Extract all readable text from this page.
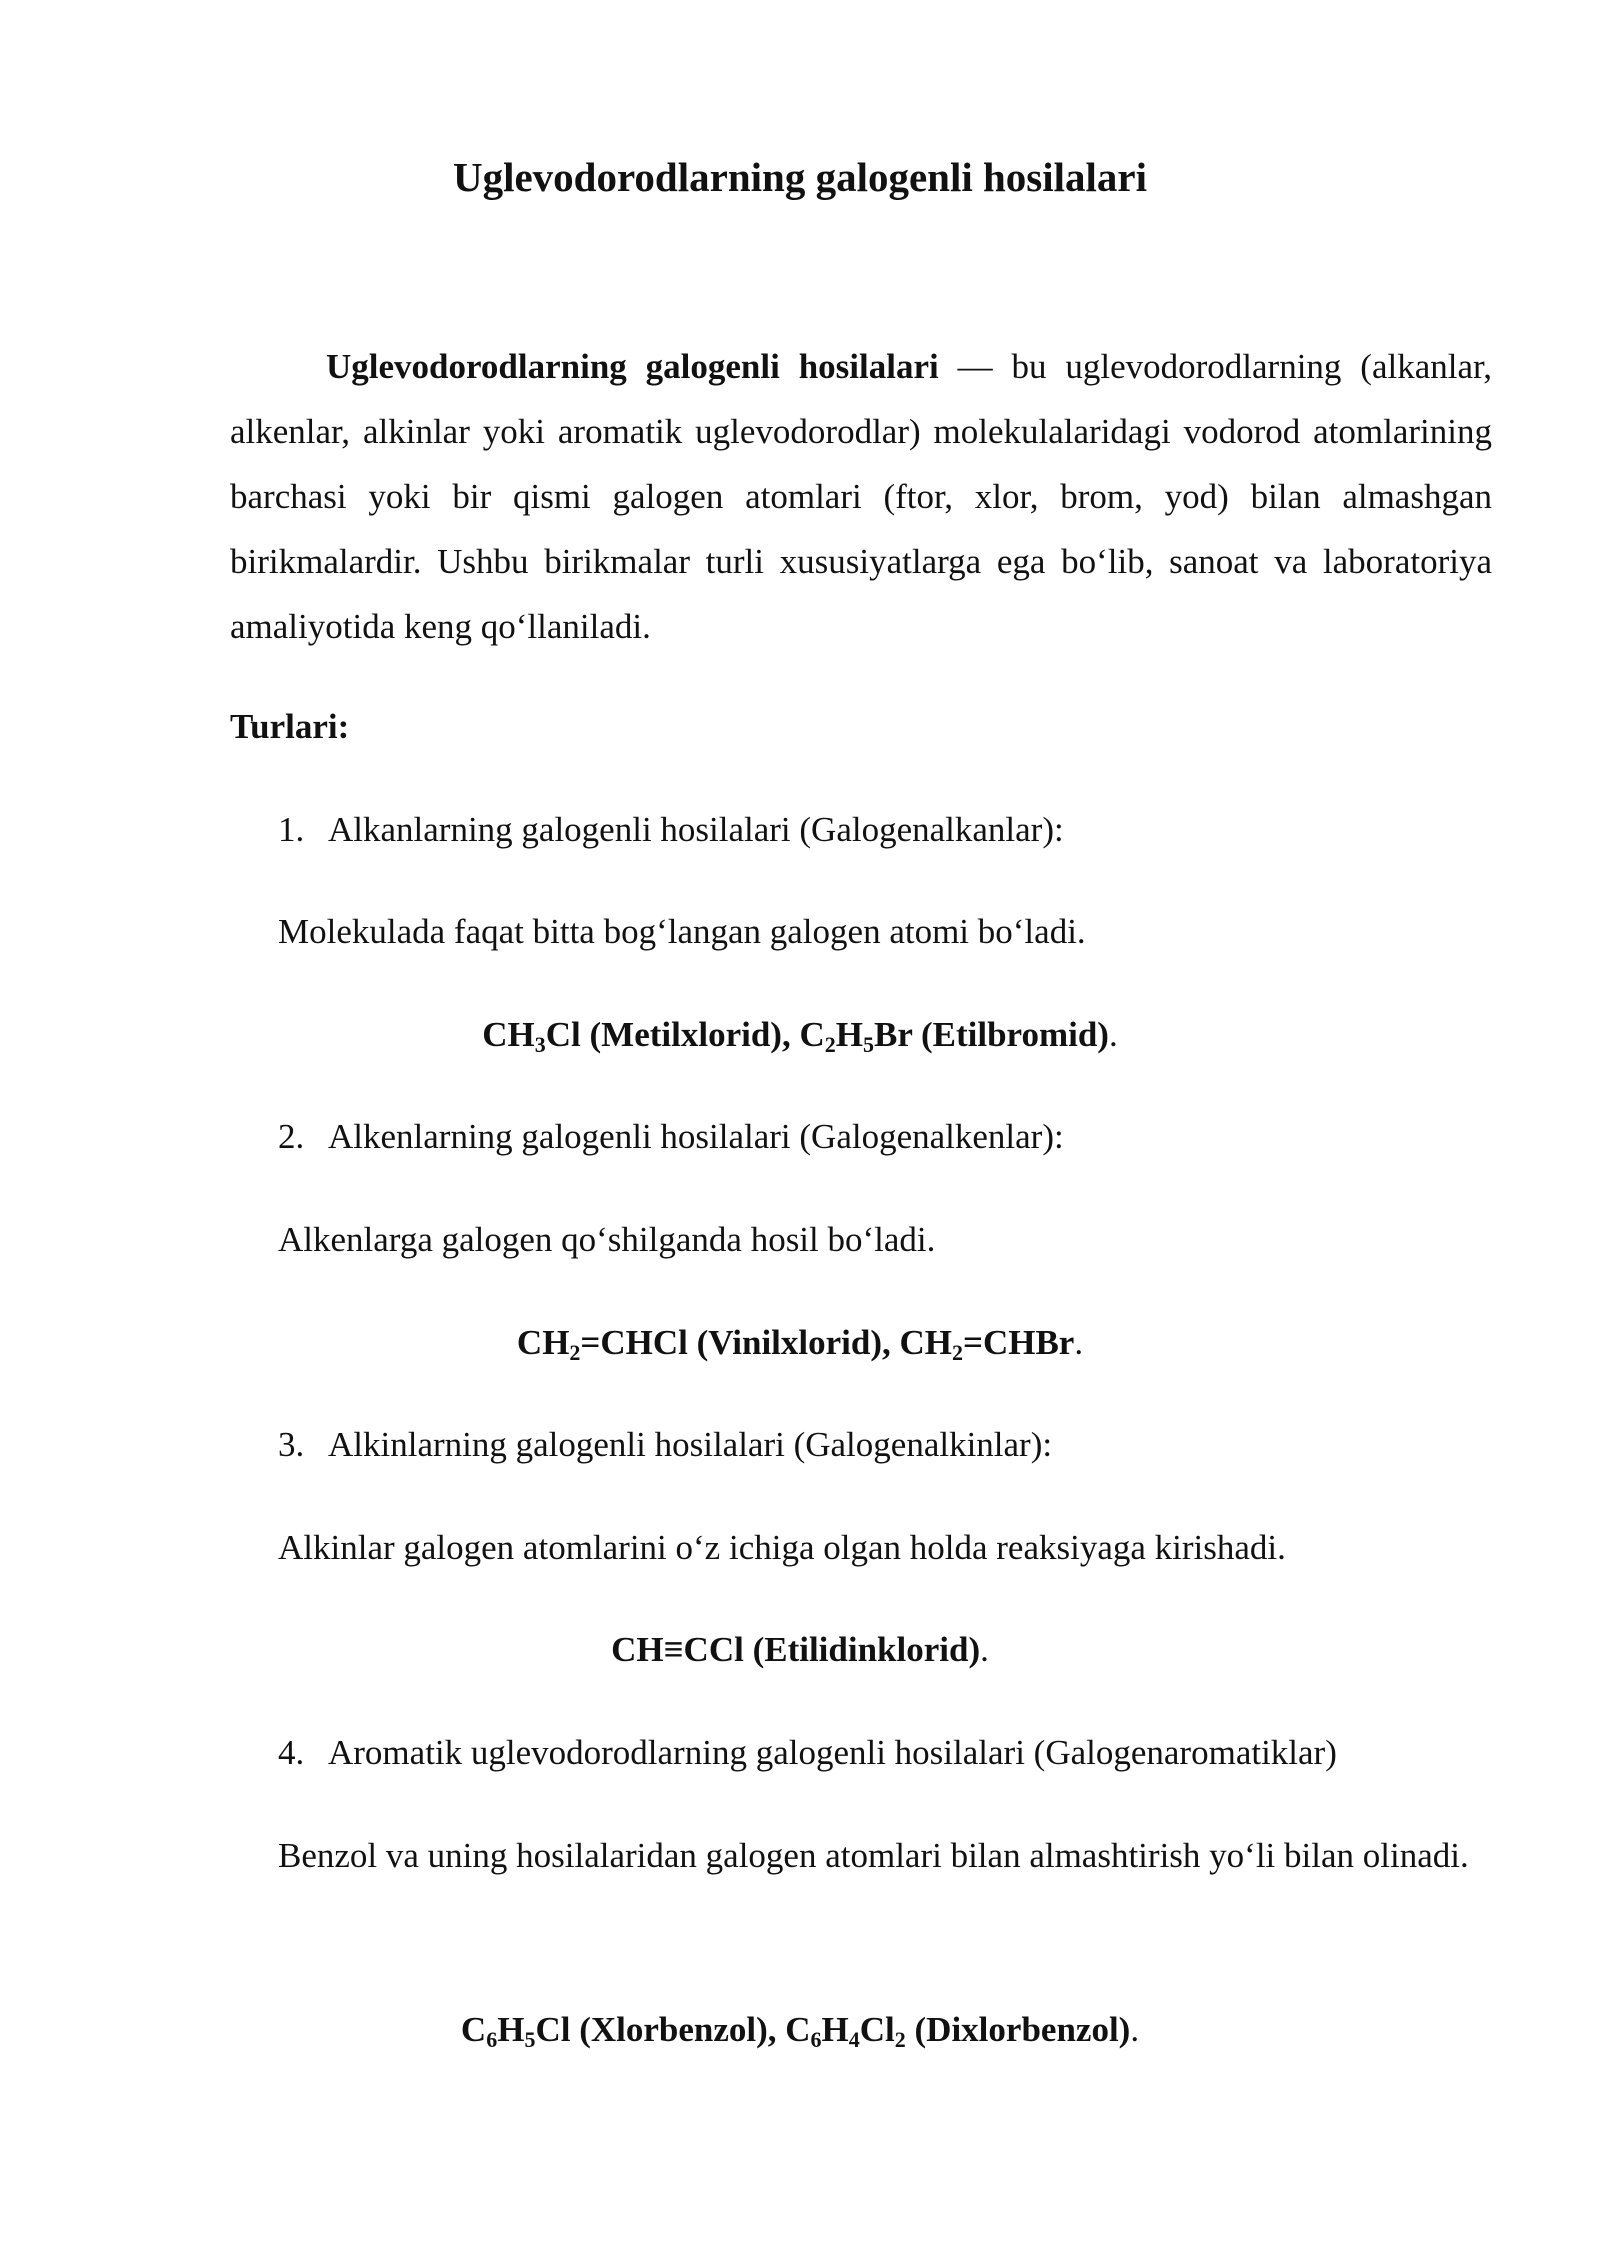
Uglevodorodlarning galogenli hosilalari
Uglevodorodlarning galogenli hosilalari — bu uglevodorodlarning (alkanlar, alkenlar, alkinlar yoki aromatik uglevodorodlar) molekulalaridagi vodorod atomlarining barchasi yoki bir qismi galogen atomlari (ftor, xlor, brom, yod) bilan almashgan birikmalardir. Ushbu birikmalar turli xususiyatlarga ega bo‘lib, sanoat va laboratoriya amaliyotida keng qo‘llaniladi.
Turlari:
1. Alkanlarning galogenli hosilalari (Galogenalkanlar):
Molekulada faqat bitta bog‘langan galogen atomi bo‘ladi.
$CH_3Cl$ (Metilxlorid), $C_2H_5Br$ (Etilbromid).
2. Alkenlarning galogenli hosilalari (Galogenalkenlar):
Alkenlarga galogen qo‘shilganda hosil bo‘ladi.
$CH_2=CHCl$ (Vinilxlorid), $CH_2=CHBr$.
3. Alkinlarning galogenli hosilalari (Galogenalkinlar):
Alkinlar galogen atomlarini o‘z ichiga olgan holda reaksiyaga kirishadi.
CH≡CCl (Etilidinklorid).
4. Aromatik uglevodorodlarning galogenli hosilalari (Galogenaromatiklar)
Benzol va uning hosilalaridan galogen atomlari bilan almashtirish yo‘li bilan olinadi.
$C_6H_5Cl$ (Xlorbenzol), $C_6H_4Cl_2$ (Dixlorbenzol).
